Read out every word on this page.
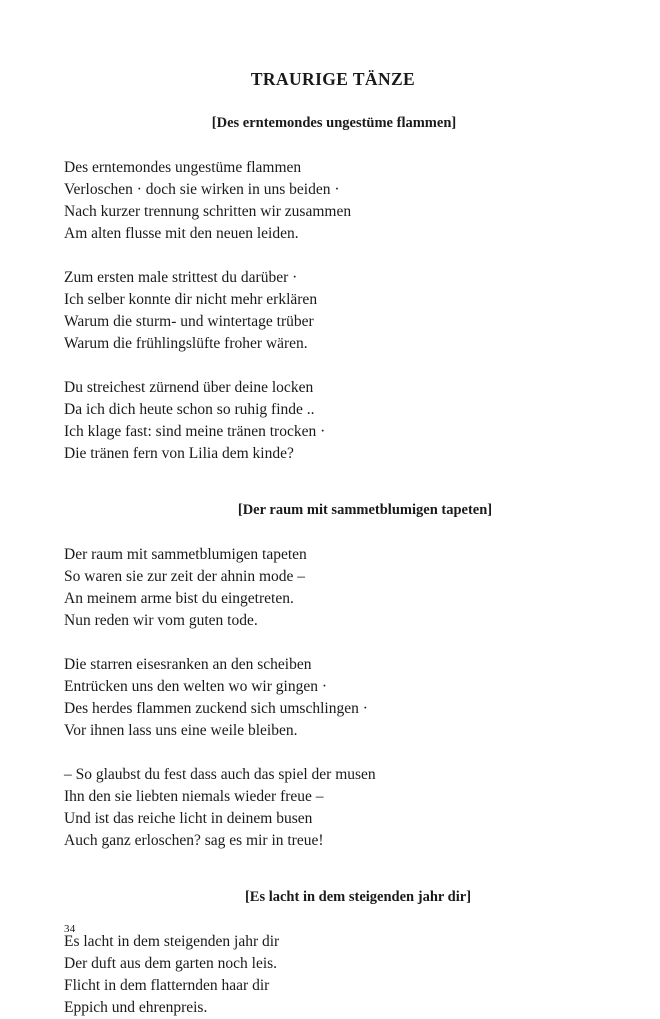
TRAURIGE TÄNZE
[Des erntemondes ungestüme flammen]

Des erntemondes ungestüme flammen

Verloschen · doch sie wirken in uns beiden ·

Nach kurzer trennung schritten wir zusammen

Am alten flusse mit den neuen leiden.

Zum ersten male strittest du darüber ·

Ich selber konnte dir nicht mehr erklären

Warum die sturm- und wintertage trüber

Warum die frühlingslüfte froher wären.

Du streichest zürnend über deine locken

Da ich dich heute schon so ruhig finde ..

Ich klage fast: sind meine tränen trocken ·

Die tränen fern von Lilia dem kinde?

[Der raum mit sammetblumigen tapeten]

Der raum mit sammetblumigen tapeten

So waren sie zur zeit der ahnin mode –

An meinem arme bist du eingetreten.

Nun reden wir vom guten tode.

Die starren eisesranken an den scheiben

Entrücken uns den welten wo wir gingen ·

Des herdes flammen zuckend sich umschlingen ·

Vor ihnen lass uns eine weile bleiben.

– So glaubst du fest dass auch das spiel der musen

Ihn den sie liebten niemals wieder freue –

Und ist das reiche licht in deinem busen

Auch ganz erloschen? sag es mir in treue!

[Es lacht in dem steigenden jahr dir]

Es lacht in dem steigenden jahr dir

Der duft aus dem garten noch leis.

Flicht in dem flatternden haar dir

Eppich und ehrenpreis.

34
